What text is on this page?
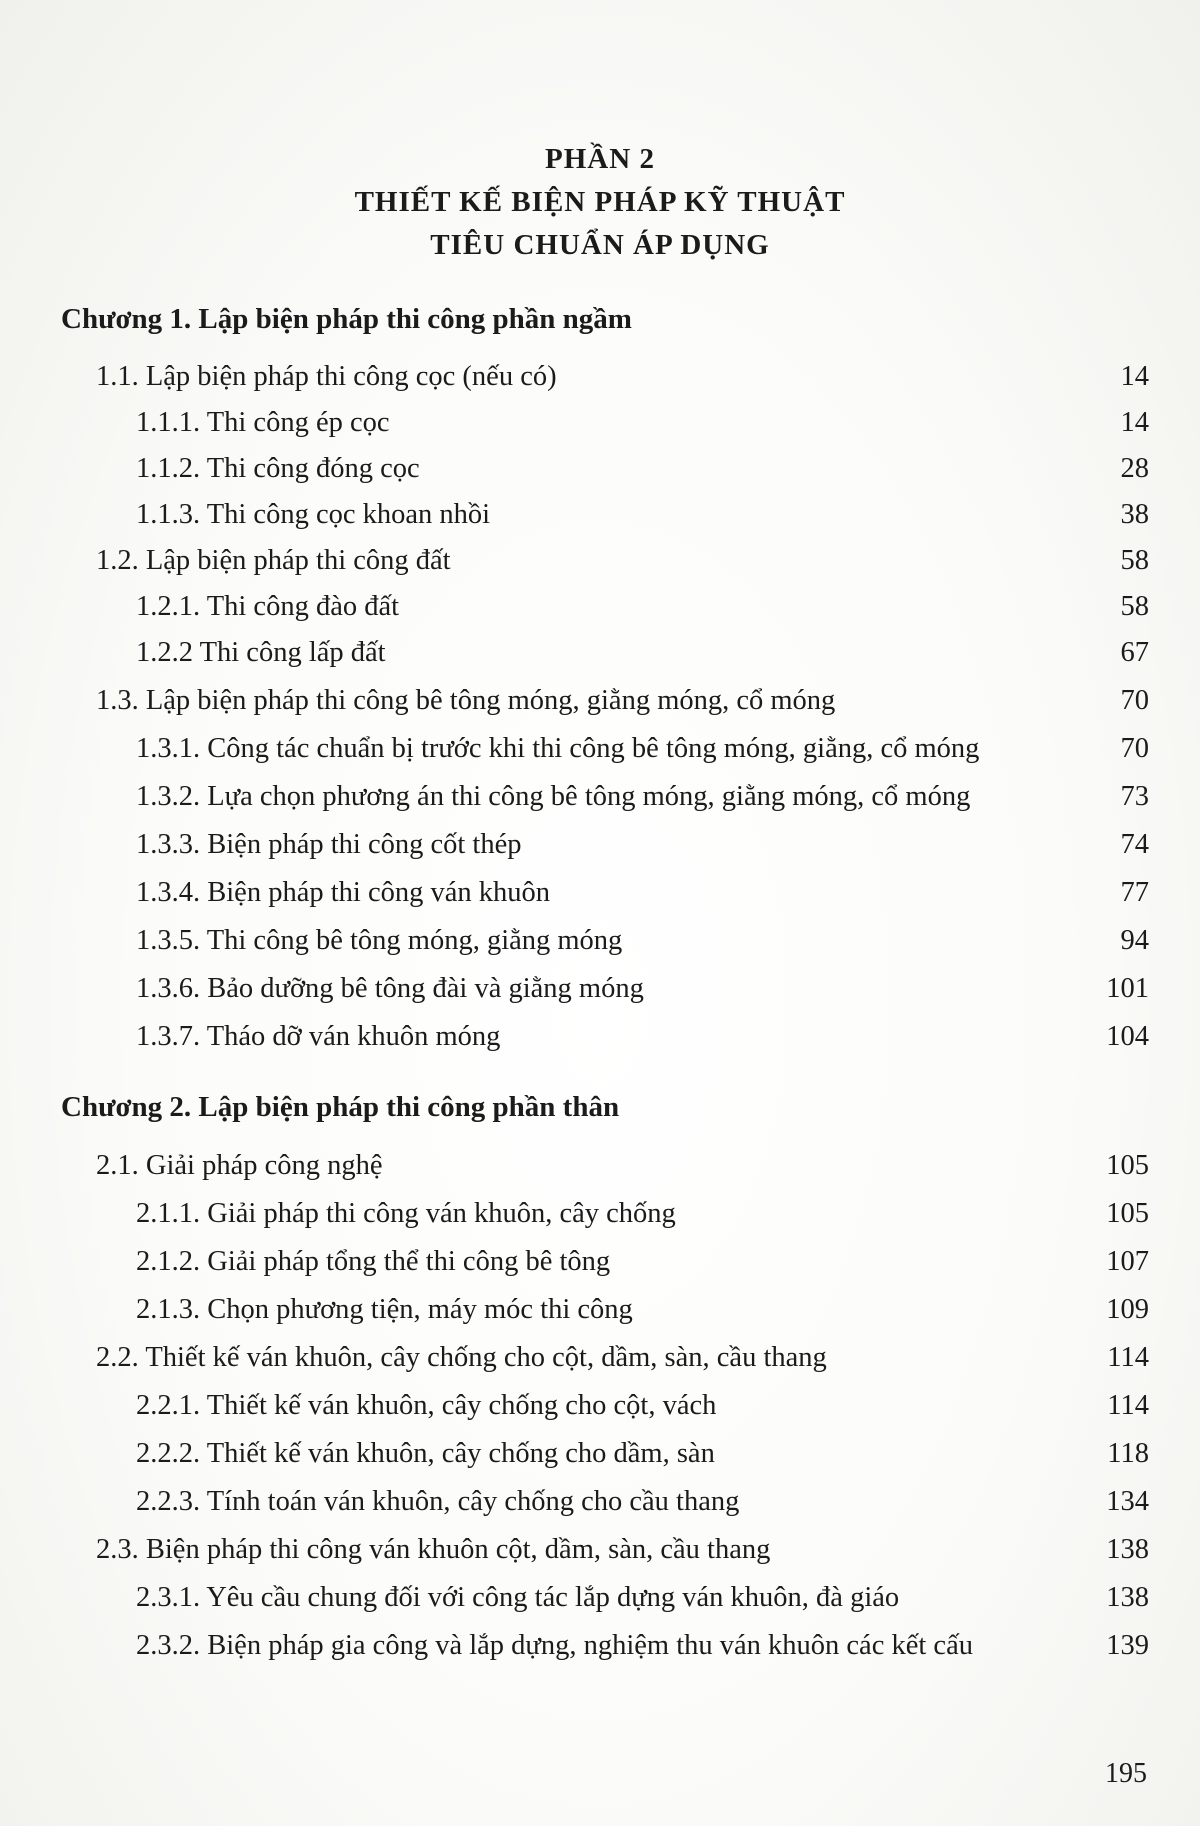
PHẦN 2
THIẾT KẾ BIỆN PHÁP KỸ THUẬT
TIÊU CHUẨN ÁP DỤNG
Chương 1. Lập biện pháp thi công phần ngầm
1.1. Lập biện pháp thi công cọc (nếu có)	14
1.1.1. Thi công ép cọc	14
1.1.2. Thi công đóng cọc	28
1.1.3. Thi công cọc khoan nhồi	38
1.2. Lập biện pháp thi công đất	58
1.2.1. Thi công đào đất	58
1.2.2 Thi công lấp đất	67
1.3. Lập biện pháp thi công bê tông móng, giằng móng, cổ móng	70
1.3.1. Công tác chuẩn bị trước khi thi công bê tông móng, giằng, cổ móng	70
1.3.2. Lựa chọn phương án thi công bê tông móng, giằng móng, cổ móng	73
1.3.3. Biện pháp thi công cốt thép	74
1.3.4. Biện pháp thi công ván khuôn	77
1.3.5. Thi công bê tông móng, giằng móng	94
1.3.6. Bảo dưỡng bê tông đài và giằng móng	101
1.3.7. Tháo dỡ ván khuôn móng	104
Chương 2. Lập biện pháp thi công phần thân
2.1. Giải pháp công nghệ	105
2.1.1. Giải pháp thi công ván khuôn, cây chống	105
2.1.2. Giải pháp tổng thể thi công bê tông	107
2.1.3. Chọn phương tiện, máy móc thi công	109
2.2. Thiết kế ván khuôn, cây chống cho cột, dầm, sàn, cầu thang	114
2.2.1. Thiết kế ván khuôn, cây chống cho cột, vách	114
2.2.2. Thiết kế ván khuôn, cây chống cho dầm, sàn	118
2.2.3. Tính toán ván khuôn, cây chống cho cầu thang	134
2.3. Biện pháp thi công ván khuôn cột, dầm, sàn, cầu thang	138
2.3.1. Yêu cầu chung đối với công tác lắp dựng ván khuôn, đà giáo	138
2.3.2. Biện pháp gia công và lắp dựng, nghiệm thu ván khuôn các kết cấu	139
195
